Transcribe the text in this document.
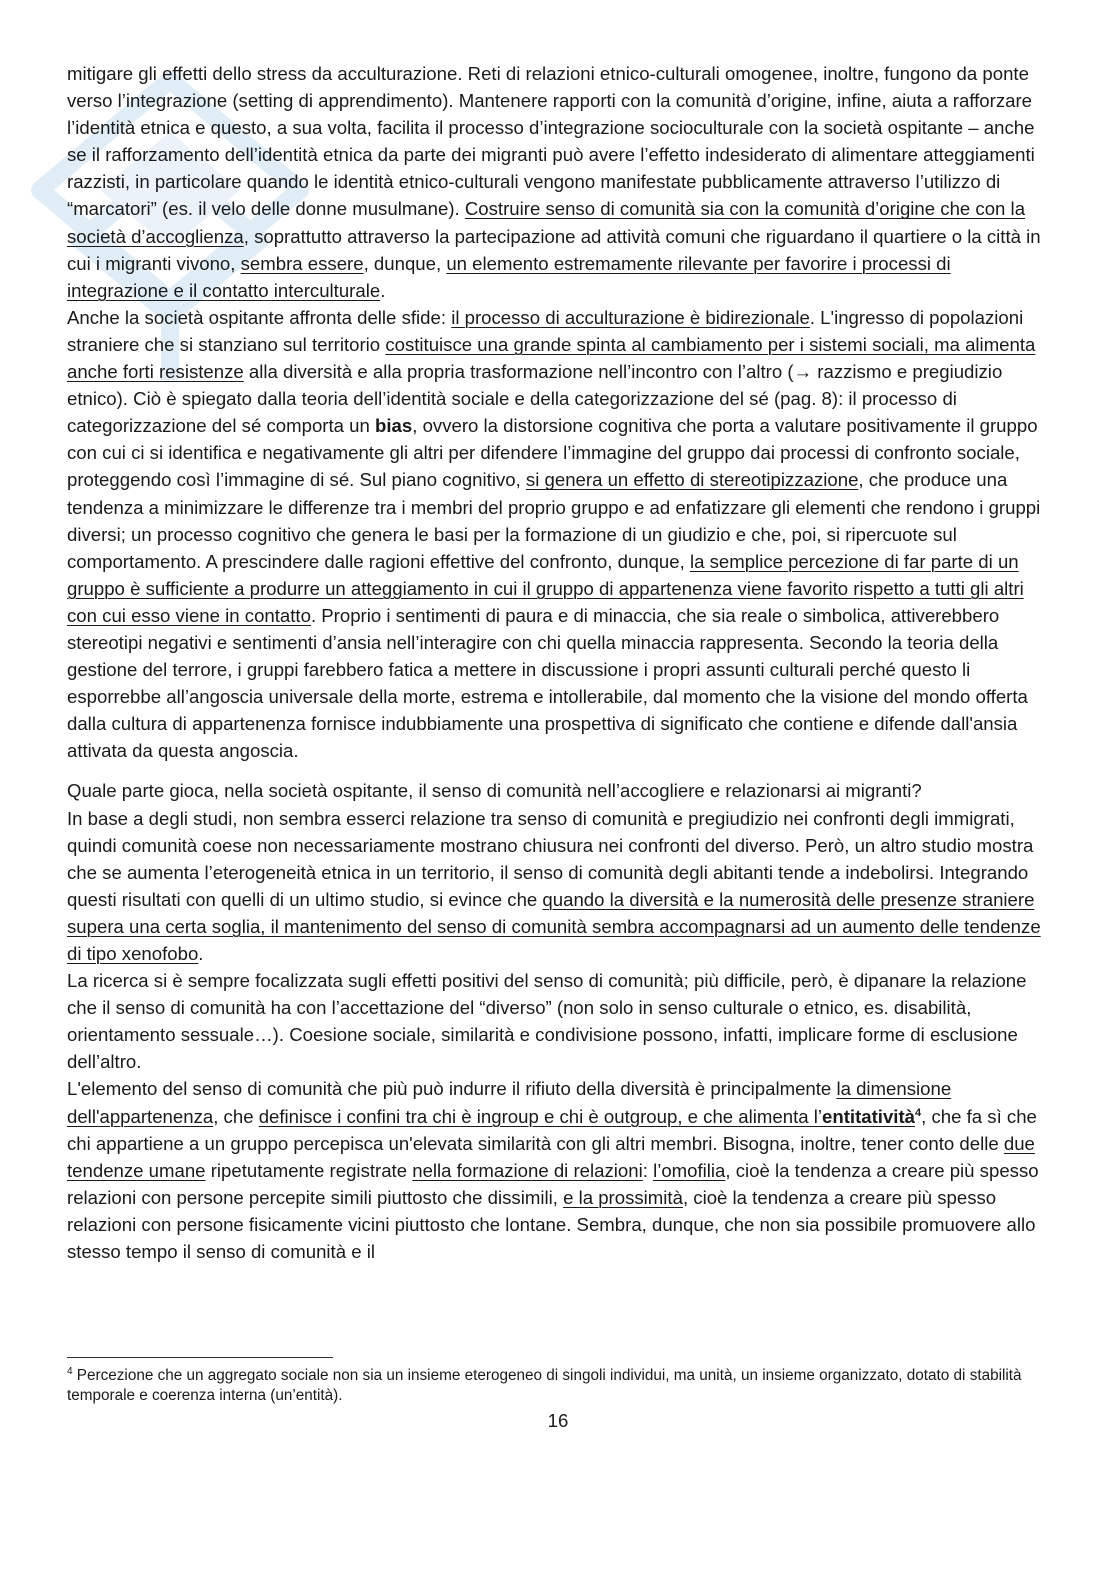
mitigare gli effetti dello stress da acculturazione. Reti di relazioni etnico-culturali omogenee, inoltre, fungono da ponte verso l’integrazione (setting di apprendimento). Mantenere rapporti con la comunità d’origine, infine, aiuta a rafforzare l’identità etnica e questo, a sua volta, facilita il processo d’integrazione socioculturale con la società ospitante – anche se il rafforzamento dell’identità etnica da parte dei migranti può avere l’effetto indesiderato di alimentare atteggiamenti razzisti, in particolare quando le identità etnico-culturali vengono manifestate pubblicamente attraverso l’utilizzo di “marcatori” (es. il velo delle donne musulmane). Costruire senso di comunità sia con la comunità d’origine che con la società d’accoglienza, soprattutto attraverso la partecipazione ad attività comuni che riguardano il quartiere o la città in cui i migranti vivono, sembra essere, dunque, un elemento estremamente rilevante per favorire i processi di integrazione e il contatto interculturale.

Anche la società ospitante affronta delle sfide: il processo di acculturazione è bidirezionale. L'ingresso di popolazioni straniere che si stanziano sul territorio costituisce una grande spinta al cambiamento per i sistemi sociali, ma alimenta anche forti resistenze alla diversità e alla propria trasformazione nell’incontro con l’altro (→ razzismo e pregiudizio etnico). Ciò è spiegato dalla teoria dell’identità sociale e della categorizzazione del sé (pag. 8): il processo di categorizzazione del sé comporta un bias, ovvero la distorsione cognitiva che porta a valutare positivamente il gruppo con cui ci si identifica e negativamente gli altri per difendere l’immagine del gruppo dai processi di confronto sociale, proteggendo così l’immagine di sé. Sul piano cognitivo, si genera un effetto di stereotipizzazione, che produce una tendenza a minimizzare le differenze tra i membri del proprio gruppo e ad enfatizzare gli elementi che rendono i gruppi diversi; un processo cognitivo che genera le basi per la formazione di un giudizio e che, poi, si ripercuote sul comportamento. A prescindere dalle ragioni effettive del confronto, dunque, la semplice percezione di far parte di un gruppo è sufficiente a produrre un atteggiamento in cui il gruppo di appartenenza viene favorito rispetto a tutti gli altri con cui esso viene in contatto. Proprio i sentimenti di paura e di minaccia, che sia reale o simbolica, attiverebbero stereotipi negativi e sentimenti d’ansia nell’interagire con chi quella minaccia rappresenta. Secondo la teoria della gestione del terrore, i gruppi farebbero fatica a mettere in discussione i propri assunti culturali perché questo li esporrebbe all’angoscia universale della morte, estrema e intollerabile, dal momento che la visione del mondo offerta dalla cultura di appartenenza fornisce indubbiamente una prospettiva di significato che contiene e difende dall'ansia attivata da questa angoscia.

Quale parte gioca, nella società ospitante, il senso di comunità nell’accogliere e relazionarsi ai migranti?

In base a degli studi, non sembra esserci relazione tra senso di comunità e pregiudizio nei confronti degli immigrati, quindi comunità coese non necessariamente mostrano chiusura nei confronti del diverso. Però, un altro studio mostra che se aumenta l’eterogeneità etnica in un territorio, il senso di comunità degli abitanti tende a indebolirsi. Integrando questi risultati con quelli di un ultimo studio, si evince che quando la diversità e la numerosità delle presenze straniere supera una certa soglia, il mantenimento del senso di comunità sembra accompagnarsi ad un aumento delle tendenze di tipo xenofobo.

La ricerca si è sempre focalizzata sugli effetti positivi del senso di comunità; più difficile, però, è dipanare la relazione che il senso di comunità ha con l’accettazione del “diverso” (non solo in senso culturale o etnico, es. disabilità, orientamento sessuale…). Coesione sociale, similarità e condivisione possono, infatti, implicare forme di esclusione dell’altro.

L'elemento del senso di comunità che più può indurre il rifiuto della diversità è principalmente la dimensione dell'appartenenza, che definisce i confini tra chi è ingroup e chi è outgroup, e che alimenta l’entitatività$^4$, che fa sì che chi appartiene a un gruppo percepisca un'elevata similarità con gli altri membri. Bisogna, inoltre, tener conto delle due tendenze umane ripetutamente registrate nella formazione di relazioni: l’omofilia, cioè la tendenza a creare più spesso relazioni con persone percepite simili piuttosto che dissimili, e la prossimità, cioè la tendenza a creare più spesso relazioni con persone fisicamente vicini piuttosto che lontane. Sembra, dunque, che non sia possibile promuovere allo stesso tempo il senso di comunità e il

$^4$ Percezione che un aggregato sociale non sia un insieme eterogeneo di singoli individui, ma unità, un insieme organizzato, dotato di stabilità temporale e coerenza interna (un’entità).
16
